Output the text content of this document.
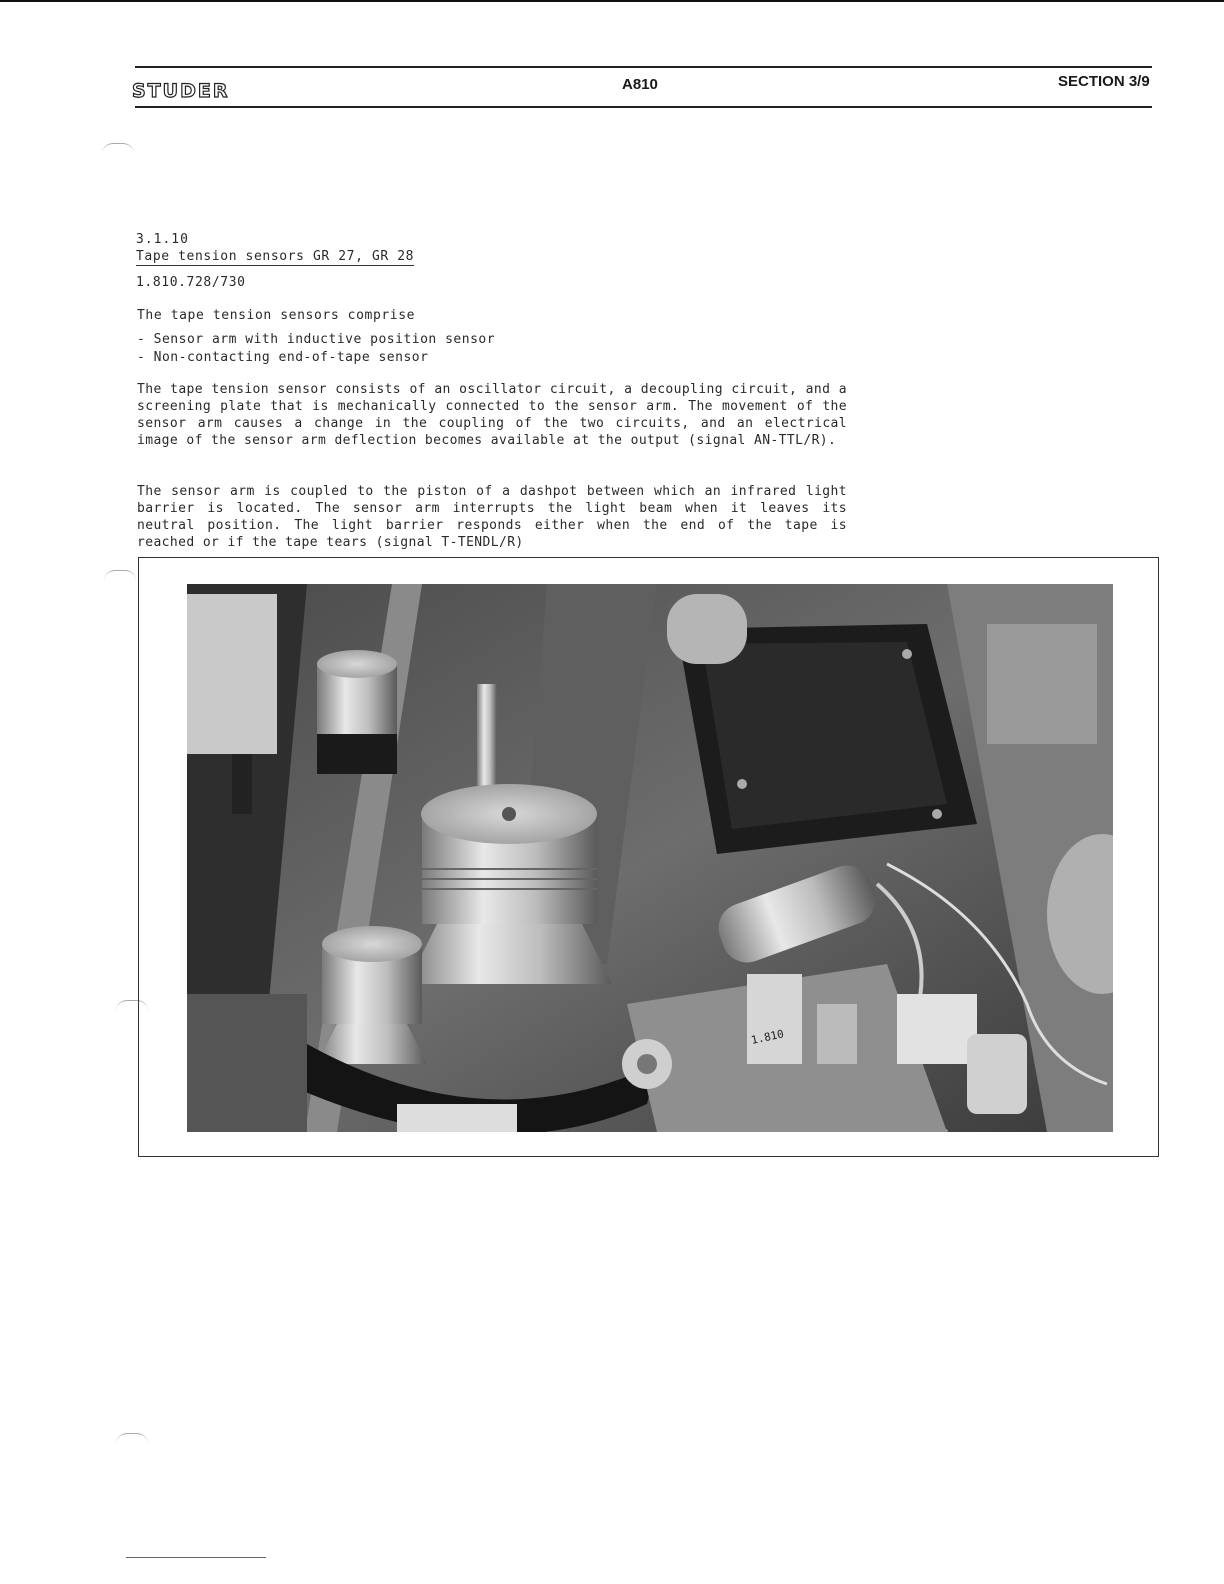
STUDER	A810	SECTION 3/9
3.1.10
Tape tension sensors GR 27, GR 28
1.810.728/730
The tape tension sensors comprise
- Sensor arm with inductive position sensor
- Non-contacting end-of-tape sensor

The tape tension sensor consists of an oscillator circuit, a decoupling circuit, and a screening plate that is mechanically connected to the sensor arm. The movement of the sensor arm causes a change in the coupling of the two circuits, and an electrical image of the sensor arm deflection becomes available at the output (signal AN-TTL/R).

The sensor arm is coupled to the piston of a dashpot between which an infrared light barrier is located. The sensor arm interrupts the light beam when it leaves its neutral position. The light barrier responds either when the end of the tape is reached or if the tape tears (signal T-TENDL/R)

1.810
